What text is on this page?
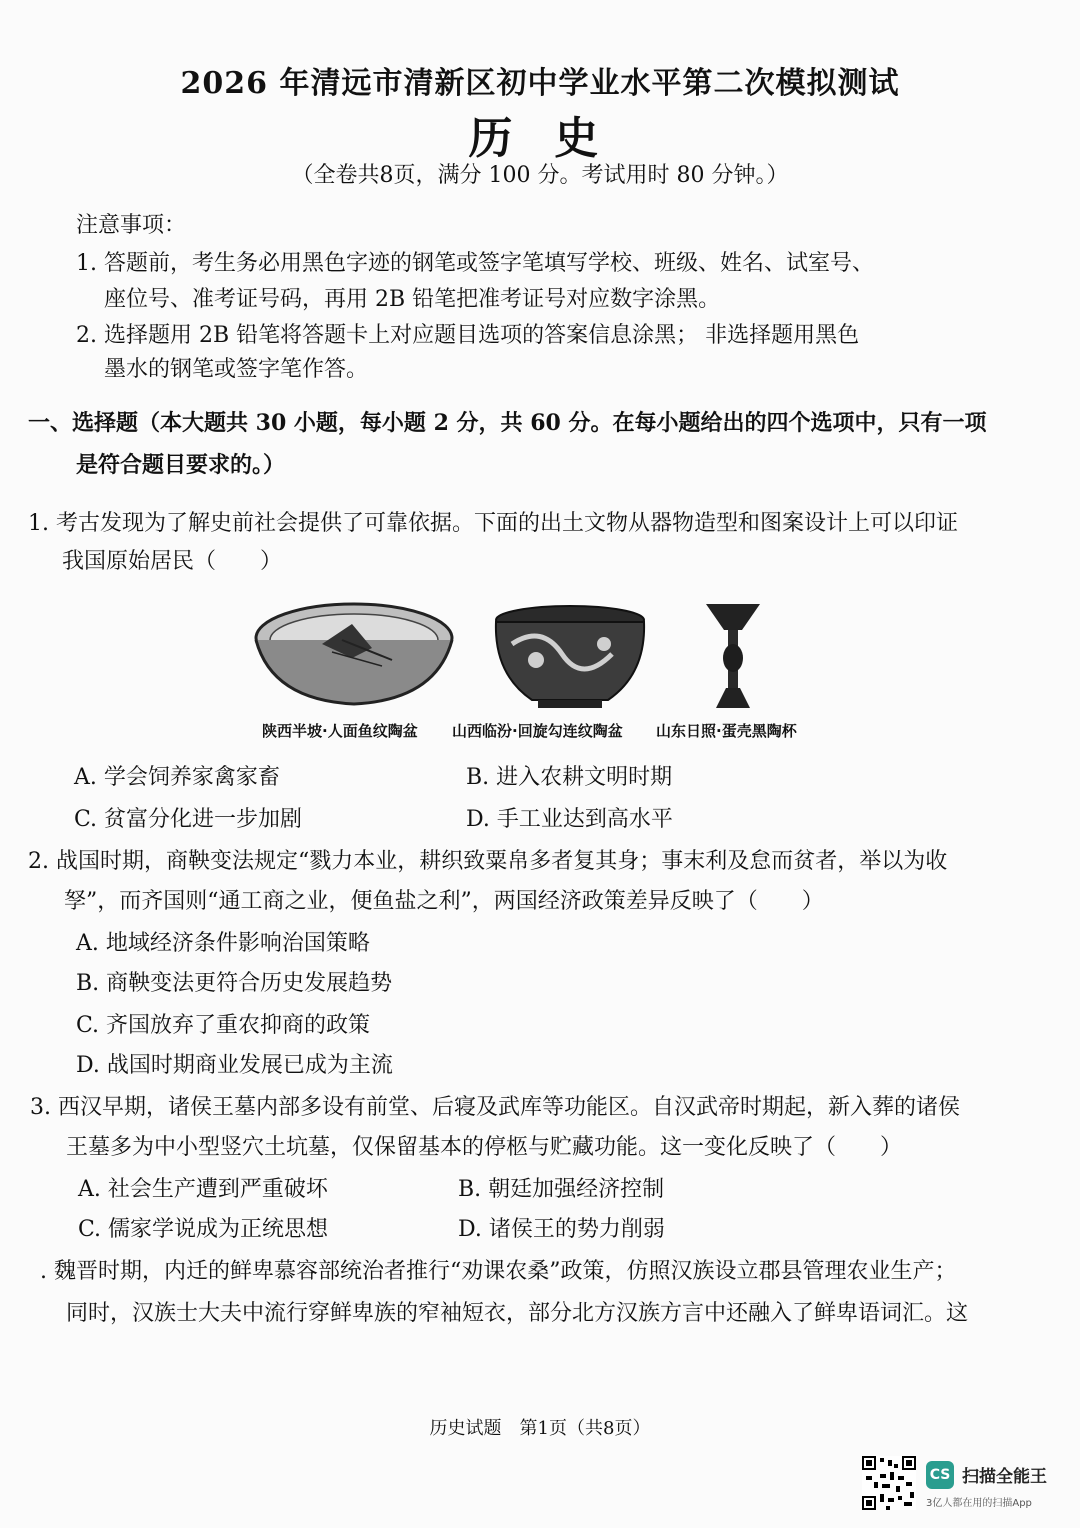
2026 年清远市清新区初中学业水平第二次模拟测试
历 史
（全卷共8页，满分 100 分。考试用时 80 分钟。）
注意事项：
1. 答题前，考生务必用黑色字迹的钢笔或签字笔填写学校、班级、姓名、试室号、
座位号、准考证号码，再用 2B 铅笔把准考证号对应数字涂黑。
2. 选择题用 2B 铅笔将答题卡上对应题目选项的答案信息涂黑； 非选择题用黑色
墨水的钢笔或签字笔作答。
一、选择题（本大题共 30 小题，每小题 2 分，共 60 分。在每小题给出的四个选项中，只有一项
是符合题目要求的。）
1. 考古发现为了解史前社会提供了可靠依据。下面的出土文物从器物造型和图案设计上可以印证
我国原始居民（　　）
陕西半坡·人面鱼纹陶盆 山西临汾·回旋勾连纹陶盆 山东日照·蛋壳黑陶杯
A. 学会饲养家禽家畜	B. 进入农耕文明时期
C. 贫富分化进一步加剧	D. 手工业达到高水平
2. 战国时期，商鞅变法规定“戮力本业，耕织致粟帛多者复其身；事末利及怠而贫者，举以为收
孥”，而齐国则“通工商之业，便鱼盐之利”，两国经济政策差异反映了（　　）
A. 地域经济条件影响治国策略
B. 商鞅变法更符合历史发展趋势
C. 齐国放弃了重农抑商的政策
D. 战国时期商业发展已成为主流
3. 西汉早期，诸侯王墓内部多设有前堂、后寝及武库等功能区。自汉武帝时期起，新入葬的诸侯
王墓多为中小型竖穴土坑墓，仅保留基本的停柩与贮藏功能。这一变化反映了（　　）
A. 社会生产遭到严重破坏	B. 朝廷加强经济控制
C. 儒家学说成为正统思想	D. 诸侯王的势力削弱
. 魏晋时期，内迁的鲜卑慕容部统治者推行“劝课农桑”政策，仿照汉族设立郡县管理农业生产；
同时，汉族士大夫中流行穿鲜卑族的窄袖短衣，部分北方汉族方言中还融入了鲜卑语词汇。这
历史试题　第1页（共8页）
CS 扫描全能王
3亿人都在用的扫描App
